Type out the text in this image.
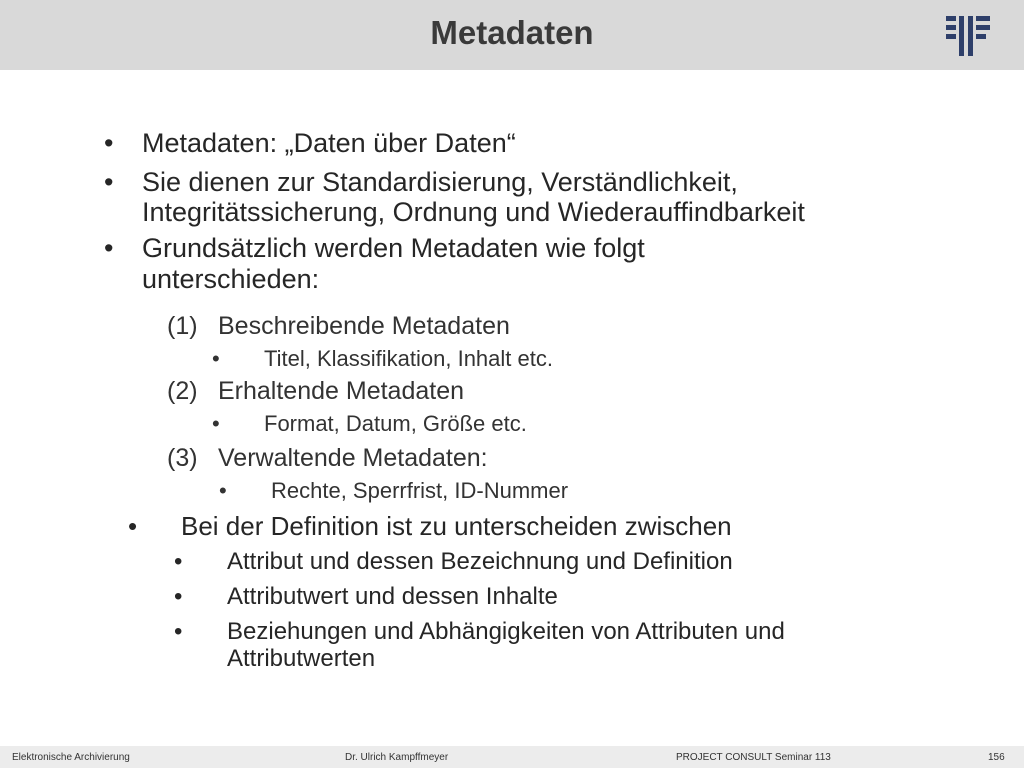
Metadaten
• Metadaten: „Daten über Daten“
• Sie dienen zur Standardisierung, Verständlichkeit,
Integritätssicherung, Ordnung und Wiederauffindbarkeit
• Grundsätzlich werden Metadaten wie folgt
unterschieden:
(1) Beschreibende Metadaten
• Titel, Klassifikation, Inhalt etc.
(2) Erhaltende Metadaten
• Format, Datum, Größe etc.
(3) Verwaltende Metadaten:
• Rechte, Sperrfrist, ID-Nummer
• Bei der Definition ist zu unterscheiden zwischen
• Attribut und dessen Bezeichnung und Definition
• Attributwert und dessen Inhalte
• Beziehungen und Abhängigkeiten von Attributen und
Attributwerten
Elektronische Archivierung	Dr. Ulrich Kampffmeyer	PROJECT CONSULT Seminar 113	156
